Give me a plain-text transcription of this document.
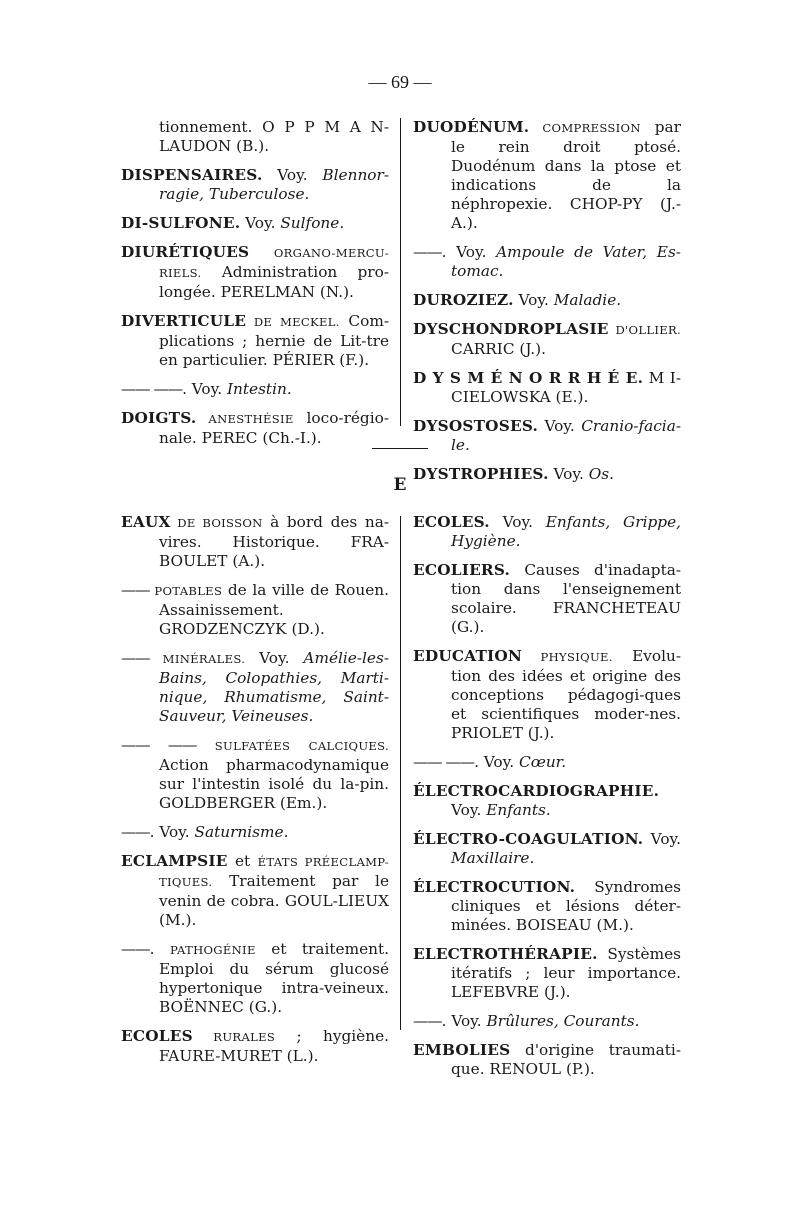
— 69 —

tionnement. O P P M A N-LAUDON (B.).

DISPENSAIRES. Voy. Blennor-ragie, Tuberculose.

DI-SULFONE. Voy. Sulfone.

DIURÉTIQUES ORGANO-MERCU-RIELS. Administration pro-longée. PERELMAN (N.).

DIVERTICULE DE MECKEL. Com-plications ; hernie de Lit-tre en particulier. PÉRIER (F.).

—— ——. Voy. Intestin.

DOIGTS. ANESTHÉSIE loco-régio-nale. PEREC (Ch.-I.).

DUODÉNUM. COMPRESSION par le rein droit ptosé. Duodénum dans la ptose et indications de la néphropexie. CHOP-PY (J.-A.).

——. Voy. Ampoule de Vater, Es-tomac.

DUROZIEZ. Voy. Maladie.

DYSCHONDROPLASIE D'OLLIER. CARRIC (J.).

D Y S M É N O R R H É E. M I-CIELOWSKA (E.).

DYSOSTOSES. Voy. Cranio-facia-le.

DYSTROPHIES. Voy. Os.

E

EAUX DE BOISSON à bord des na-vires. Historique. FRA-BOULET (A.).

—— POTABLES de la ville de Rouen. Assainissement. GRODZENCZYK (D.).

—— MINÉRALES. Voy. Amélie-les-Bains, Colopathies, Marti-nique, Rhumatisme, Saint-Sauveur, Veineuses.

—— —— SULFATÉES CALCIQUES. Action pharmacodynamique sur l'intestin isolé du la-pin. GOLDBERGER (Em.).

——. Voy. Saturnisme.

ECLAMPSIE et ÉTATS PRÉECLAMP-TIQUES. Traitement par le venin de cobra. GOUL-LIEUX (M.).

——. PATHOGÉNIE et traitement. Emploi du sérum glucosé hypertonique intra-veineux. BOËNNEC (G.).

ECOLES RURALES ; hygiène. FAURE-MURET (L.).

ECOLES. Voy. Enfants, Grippe, Hygiène.

ECOLIERS. Causes d'inadapta-tion dans l'enseignement scolaire. FRANCHETEAU (G.).

EDUCATION PHYSIQUE. Evolu-tion des idées et origine des conceptions pédagogi-ques et scientifiques moder-nes. PRIOLET (J.).

—— ——. Voy. Cœur.

ÉLECTROCARDIOGRAPHIE. Voy. Enfants.

ÉLECTRO-COAGULATION. Voy. Maxillaire.

ÉLECTROCUTION. Syndromes cliniques et lésions déter-minées. BOISEAU (M.).

ELECTROTHÉRAPIE. Systèmes itératifs ; leur importance. LEFEBVRE (J.).

——. Voy. Brûlures, Courants.

EMBOLIES d'origine traumati-que. RENOUL (P.).
